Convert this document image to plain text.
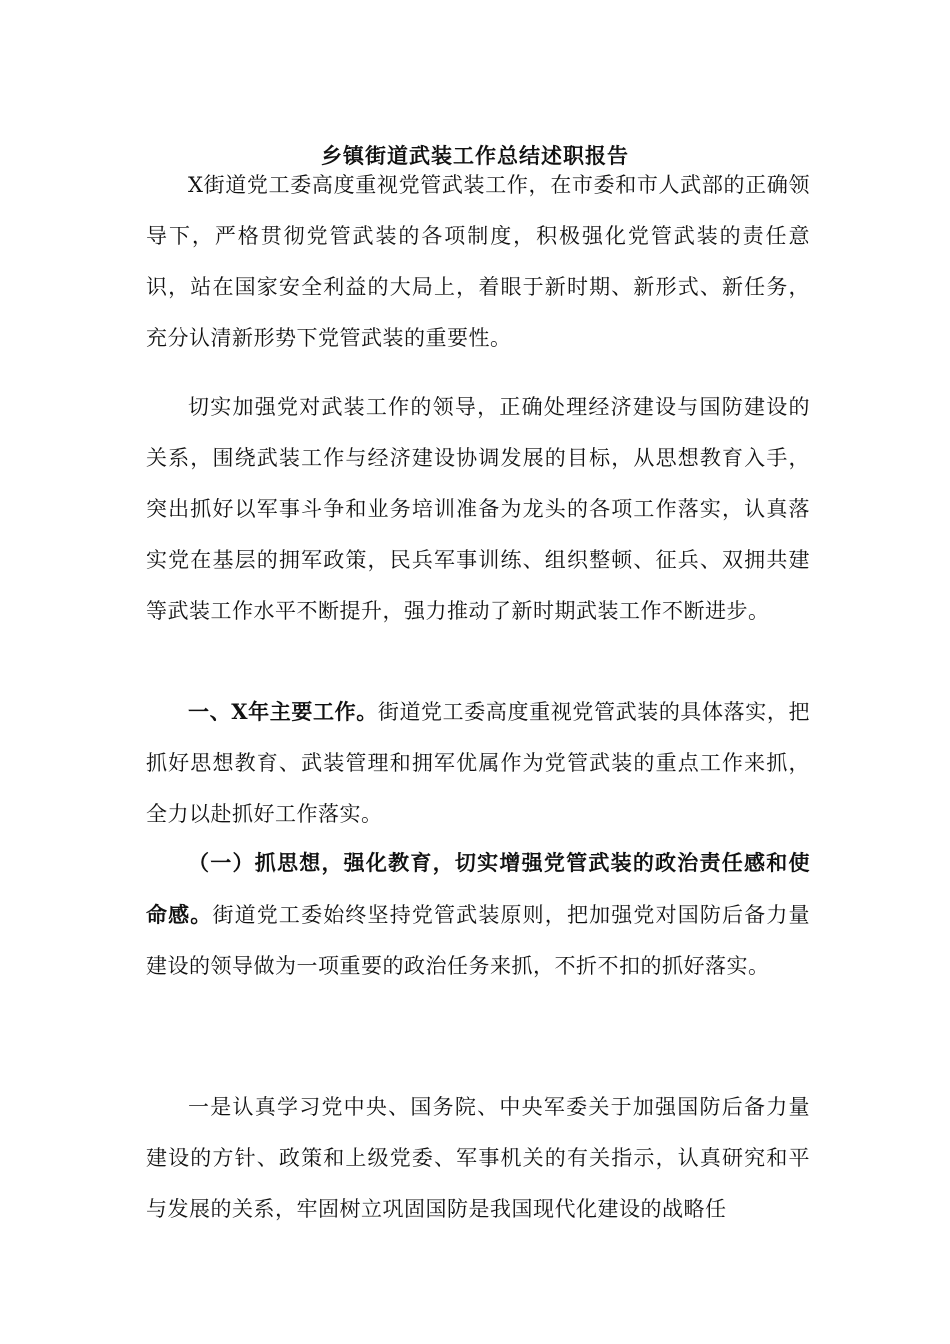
乡镇街道武装工作总结述职报告

X街道党工委高度重视党管武装工作，在市委和市人武部的正确领导下，严格贯彻党管武装的各项制度，积极强化党管武装的责任意识，站在国家安全利益的大局上，着眼于新时期、新形式、新任务，充分认清新形势下党管武装的重要性。

切实加强党对武装工作的领导，正确处理经济建设与国防建设的关系，围绕武装工作与经济建设协调发展的目标，从思想教育入手，突出抓好以军事斗争和业务培训准备为龙头的各项工作落实，认真落实党在基层的拥军政策，民兵军事训练、组织整顿、征兵、双拥共建等武装工作水平不断提升，强力推动了新时期武装工作不断进步。

一、X年主要工作。街道党工委高度重视党管武装的具体落实，把抓好思想教育、武装管理和拥军优属作为党管武装的重点工作来抓，全力以赴抓好工作落实。

（一）抓思想，强化教育，切实增强党管武装的政治责任感和使命感。街道党工委始终坚持党管武装原则，把加强党对国防后备力量建设的领导做为一项重要的政治任务来抓，不折不扣的抓好落实。

一是认真学习党中央、国务院、中央军委关于加强国防后备力量建设的方针、政策和上级党委、军事机关的有关指示，认真研究和平与发展的关系，牢固树立巩固国防是我国现代化建设的战略任
